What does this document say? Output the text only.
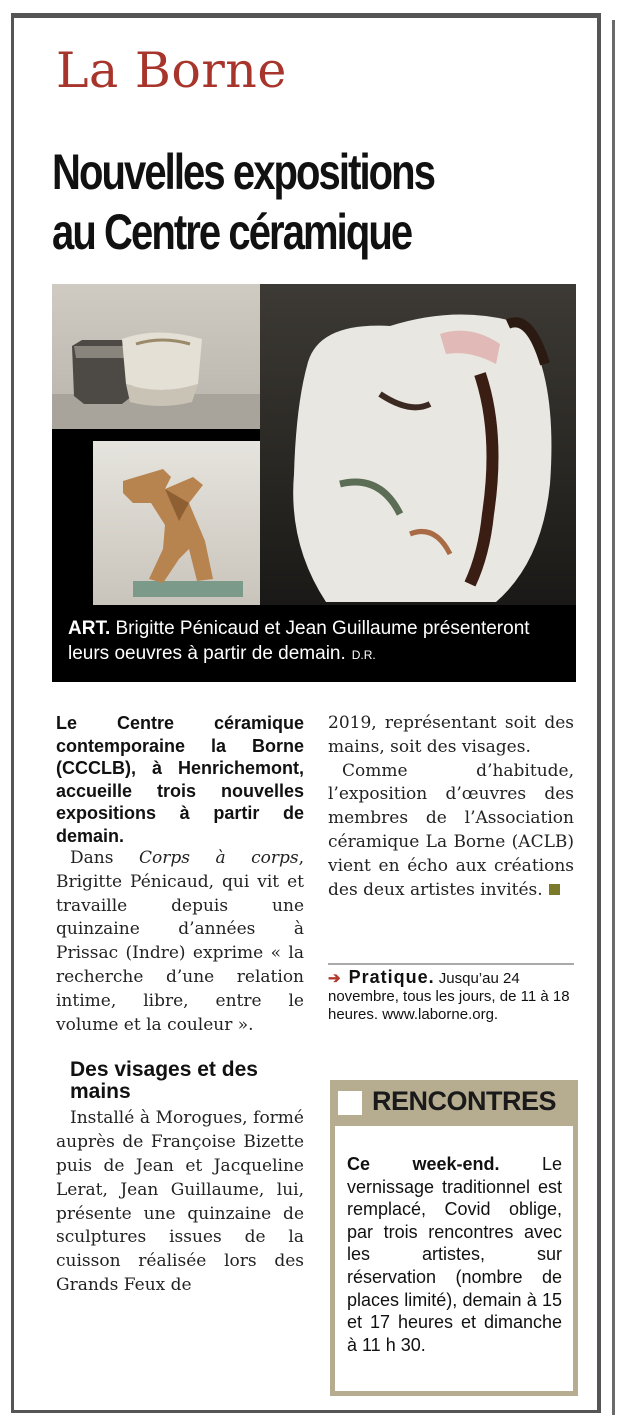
La Borne
Nouvelles expositions
au Centre céramique
ART. Brigitte Pénicaud et Jean Guillaume présenteront leurs oeuvres à partir de demain. D.R.

Le Centre céramique contemporaine la Borne (CCCLB), à Henrichemont, accueille trois nouvelles expositions à partir de demain.

Dans Corps à corps, Brigitte Pénicaud, qui vit et travaille depuis une quinzaine d’années à Prissac (Indre) exprime « la recherche d’une relation intime, libre, entre le volume et la couleur ».

Des visages et des mains

Installé à Morogues, formé auprès de Françoise Bizette puis de Jean et Jacqueline Lerat, Jean Guillaume, lui, présente une quinzaine de sculptures issues de la cuisson réalisée lors des Grands Feux de

2019, représentant soit des mains, soit des visages.

Comme d’habitude, l’exposition d’œuvres des membres de l’Association céramique La Borne (ACLB) vient en écho aux créations des deux artistes invités.

➔ Pratique. Jusqu’au 24 novembre, tous les jours, de 11 à 18 heures. www.laborne.org.
RENCONTRES

Ce week-end. Le vernissage traditionnel est remplacé, Covid oblige, par trois rencontres avec les artistes, sur réservation (nombre de places limité), demain à 15 et 17 heures et dimanche à 11 h 30.
